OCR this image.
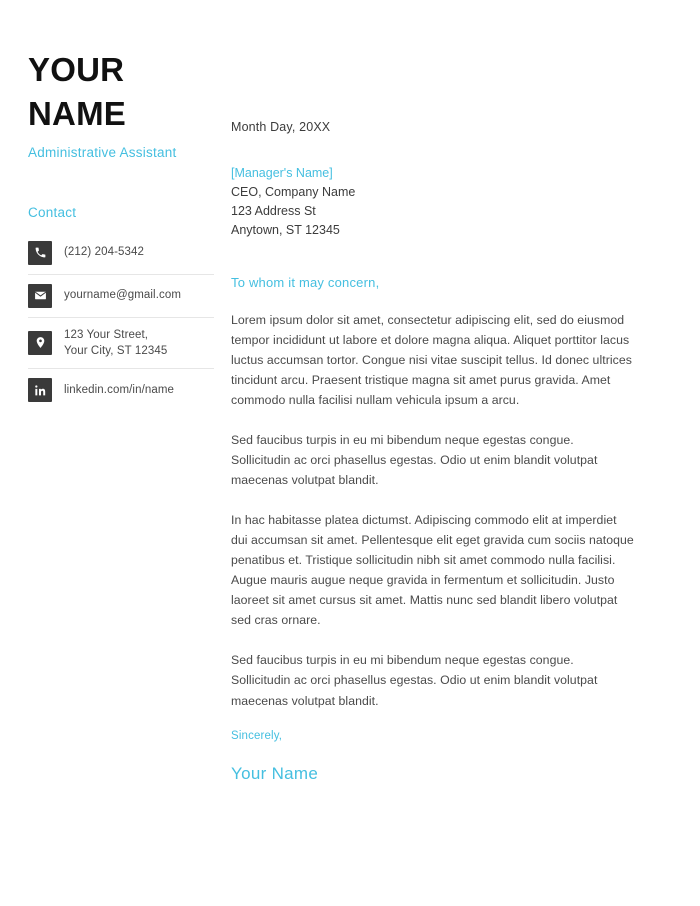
YOUR
NAME
Administrative Assistant
Contact
(212) 204-5342
yourname@gmail.com
123 Your Street,
Your City, ST 12345
linkedin.com/in/name
Month Day, 20XX
[Manager's Name]
CEO, Company Name
123 Address St
Anytown, ST 12345
To whom it may concern,

Lorem ipsum dolor sit amet, consectetur adipiscing elit, sed do eiusmod tempor incididunt ut labore et dolore magna aliqua. Aliquet porttitor lacus luctus accumsan tortor. Congue nisi vitae suscipit tellus. Id donec ultrices tincidunt arcu. Praesent tristique magna sit amet purus gravida. Amet commodo nulla facilisi nullam vehicula ipsum a arcu.

Sed faucibus turpis in eu mi bibendum neque egestas congue. Sollicitudin ac orci phasellus egestas. Odio ut enim blandit volutpat maecenas volutpat blandit.

In hac habitasse platea dictumst. Adipiscing commodo elit at imperdiet dui accumsan sit amet. Pellentesque elit eget gravida cum sociis natoque penatibus et. Tristique sollicitudin nibh sit amet commodo nulla facilisi. Augue mauris augue neque gravida in fermentum et sollicitudin. Justo laoreet sit amet cursus sit amet. Mattis nunc sed blandit libero volutpat sed cras ornare.

Sed faucibus turpis in eu mi bibendum neque egestas congue. Sollicitudin ac orci phasellus egestas. Odio ut enim blandit volutpat maecenas volutpat blandit.

Sincerely,
Your Name
